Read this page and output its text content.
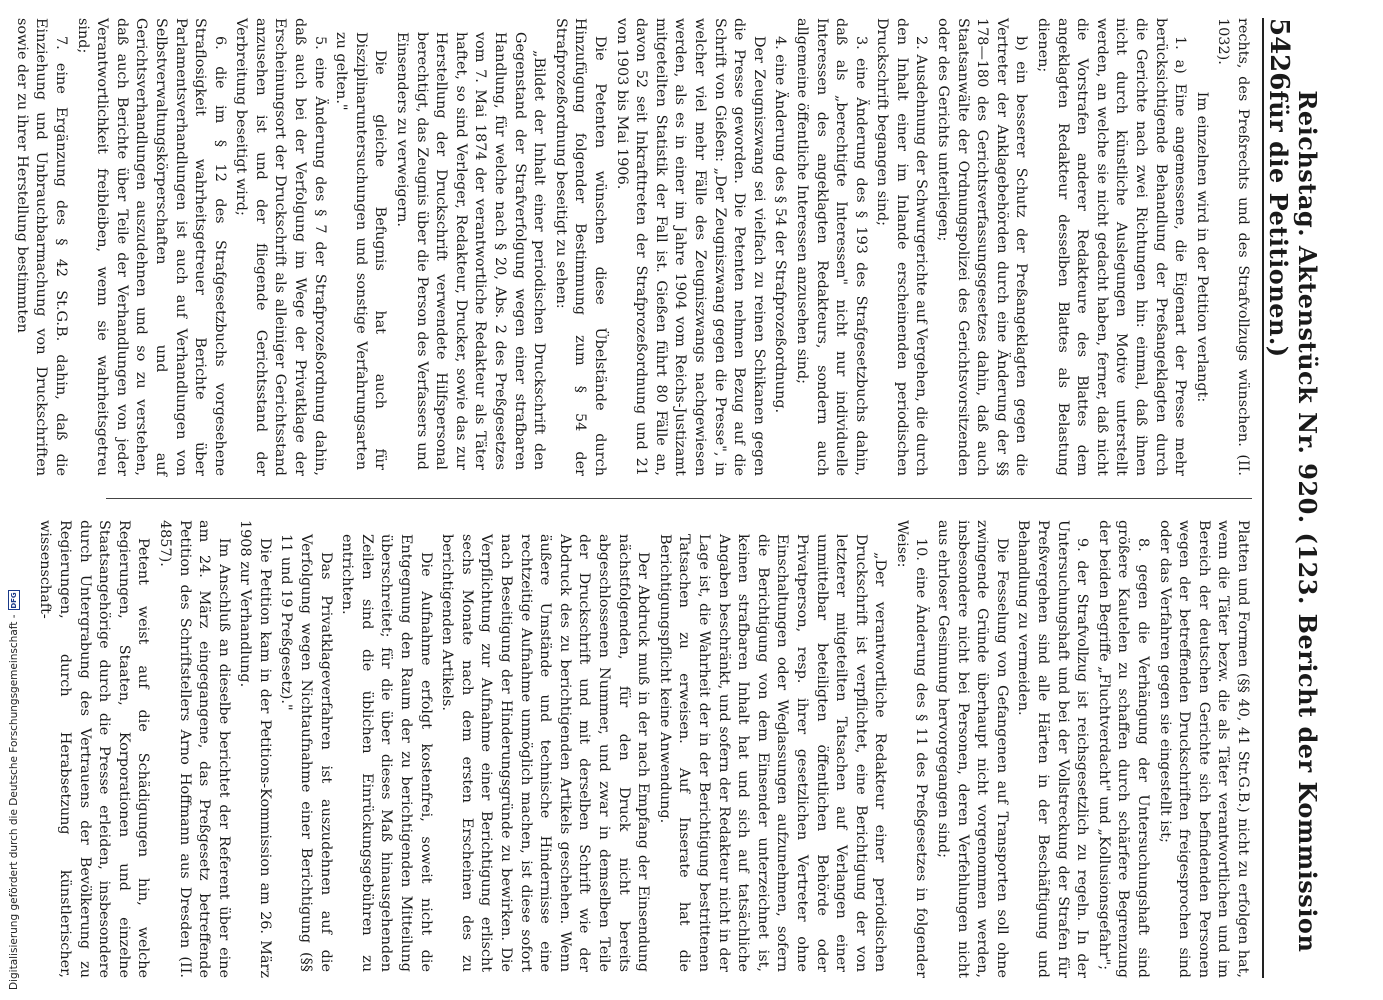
Digitalisierung gefördert durch die Deutsche Forschungsgemeinschaft -
DFG
5426
Reichstag. Aktenstück Nr. 920. (123. Bericht der Kommission für die Petitionen.)

rechts, des Preßrechts und des Strafvollzugs wünschen. (II. 1032).

Im einzelnen wird in der Petition verlangt:

1. a) Eine angemessene, die Eigenart der Presse mehr berücksichtigende Behandlung der Preßangeklagten durch die Gerichte nach zwei Richtungen hin: einmal, daß ihnen nicht durch künstliche Auslegungen Motive unterstellt werden, an welche sie nicht gedacht haben, ferner, daß nicht die Vorstrafen anderer Redakteure des Blattes dem angeklagten Redakteur desselben Blattes als Belastung dienen;

b) ein besserer Schutz der Preßangeklagten gegen die Vertreter der Anklagebehörden durch eine Änderung der §§ 178—180 des Gerichtsverfassungsgesetzes dahin, daß auch Staatsanwälte der Ordnungspolizei des Gerichtsvorsitzenden oder des Gerichts unterliegen;

2. Ausdehnung der Schwurgerichte auf Vergehen, die durch den Inhalt einer im Inlande erscheinenden periodischen Druckschrift begangen sind;

3. eine Änderung des § 193 des Strafgesetzbuchs dahin, daß als „berechtigte Interessen" nicht nur individuelle Interessen des angeklagten Redakteurs, sondern auch allgemeine öffentliche Interessen anzusehen sind;

4. eine Änderung des § 54 der Strafprozeßordnung.

Der Zeugniszwang sei vielfach zu reinen Schikanen gegen die Presse geworden. Die Petenten nehmen Bezug auf die Schrift von Gießen: „Der Zeugniszwang gegen die Presse", in welcher viel mehr Fälle des Zeugniszwangs nachgewiesen werden, als es in einer im Jahre 1904 vom Reichs-Justizamt mitgeteilten Statistik der Fall ist. Gießen führt 80 Fälle an, davon 52 seit Inkrafttreten der Strafprozeßordnung und 21 von 1903 bis Mai 1906.

Die Petenten wünschen diese Übelstände durch Hinzufügung folgender Bestimmung zum § 54 der Strafprozeßordnung beseitigt zu sehen:

„Bildet der Inhalt einer periodischen Druckschrift den Gegenstand der Strafverfolgung wegen einer strafbaren Handlung, für welche nach § 20, Abs. 2 des Preßgesetzes vom 7. Mai 1874 der verantwortliche Redakteur als Täter haftet, so sind Verleger, Redakteur, Drucker, sowie das zur Herstellung der Druckschrift verwendete Hilfspersonal berechtigt, das Zeugnis über die Person des Verfassers und Einsenders zu verweigern.

Die gleiche Befugnis hat auch für Disziplinaruntersuchungen und sonstige Verfahrungsarten zu gelten."

5. eine Änderung des § 7 der Strafprozeßordnung dahin, daß auch bei der Verfolgung im Wege der Privatklage der Erscheinungsort der Druckschrift als alleiniger Gerichtsstand anzusehen ist und der fliegende Gerichtsstand der Verbreitung beseitigt wird;

6. die im § 12 des Strafgesetzbuchs vorgesehene Straflosigkeit wahrheitsgetreuer Berichte über Parlamentsverhandlungen ist auch auf Verhandlungen von Selbstverwaltungskörperschaften und auf Gerichtsverhandlungen auszudehnen und so zu verstehen, daß auch Berichte über Teile der Verhandlungen von jeder Verantwortlichkeit freibleiben, wenn sie wahrheitsgetreu sind;

7. eine Ergänzung des § 42 St.G.B. dahin, daß die Einziehung und Unbrauchbarmachung von Druckschriften sowie der zu ihrer Herstellung bestimmten

Platten und Formen (§§ 40, 41 Str.G.B.) nicht zu erfolgen hat, wenn die Täter bezw. die als Täter verantwortlichen und im Bereich der deutschen Gerichte sich befindenden Personen wegen der betreffenden Druckschriften freigesprochen sind oder das Verfahren gegen sie eingestellt ist;

8. gegen die Verhängung der Untersuchungshaft sind größere Kautelen zu schaffen durch schärfere Begrenzung der beiden Begriffe „Fluchtverdacht" und „Kollusionsgefahr";

9. der Strafvollzug ist reichsgesetzlich zu regeln. In der Untersuchungshaft und bei der Vollstreckung der Strafen für Preßvergehen sind alle Härten in der Beschäftigung und Behandlung zu vermeiden.

Die Fesselung von Gefangenen auf Transporten soll ohne zwingende Gründe überhaupt nicht vorgenommen werden, insbesondere nicht bei Personen, deren Verfehlungen nicht aus ehrloser Gesinnung hervorgegangen sind;

10. eine Änderung des § 11 des Preßgesetzes in folgender Weise:

„Der verantwortliche Redakteur einer periodischen Druckschrift ist verpflichtet, eine Berichtigung der von letzterer mitgeteilten Tatsachen auf Verlangen einer unmittelbar beteiligten öffentlichen Behörde oder Privatperson, resp. ihrer gesetzlichen Vertreter ohne Einschaltungen oder Weglassungen aufzunehmen, sofern die Berichtigung von dem Einsender unterzeichnet ist, keinen strafbaren Inhalt hat und sich auf tatsächliche Angaben beschränkt, und sofern der Redakteur nicht in der Lage ist, die Wahrheit der in der Berichtigung bestrittenen Tatsachen zu erweisen. Auf Inserate hat die Berichtigungspflicht keine Anwendung.

Der Abdruck muß in der nach Empfang der Einsendung nächstfolgenden, für den Druck nicht bereits abgeschlossenen Nummer, und zwar in demselben Teile der Druckschrift und mit derselben Schrift wie der Abdruck des zu berichtigenden Artikels geschehen. Wenn äußere Umstände und technische Hindernisse eine rechtzeitige Aufnahme unmöglich machen, ist diese sofort nach Beseitigung der Hinderungsgründe zu bewirken. Die Verpflichtung zur Aufnahme einer Berichtigung erlischt sechs Monate nach dem ersten Erscheinen des zu berichtigenden Artikels.

Die Aufnahme erfolgt kostenfrei, soweit nicht die Entgegnung den Raum der zu berichtigenden Mitteilung überschreitet; für die über dieses Maß hinausgehenden Zeilen sind die üblichen Einrückungsgebühren zu entrichten.

Das Privatklageverfahren ist auszudehnen auf die Verfolgung wegen Nichtaufnahme einer Berichtigung (§§ 11 und 19 Preßgesetz)."

Die Petition kam in der Petitions-Kommission am 26. März 1908 zur Verhandlung.

Im Anschluß an dieselbe berichtet der Referent über eine am 24. März eingegangene, das Preßgesetz betreffende Petition des Schriftstellers Arno Hoffmann aus Dresden (II. 4857).

Petent weist auf die Schädigungen hin, welche Regierungen, Staaten, Korporationen und einzelne Staatsangehörige durch die Presse erleiden, insbesondere durch Untergrabung des Vertrauens der Bevölkerung zu Regierungen, durch Herabsetzung künstlerischer, wissenschaft-
